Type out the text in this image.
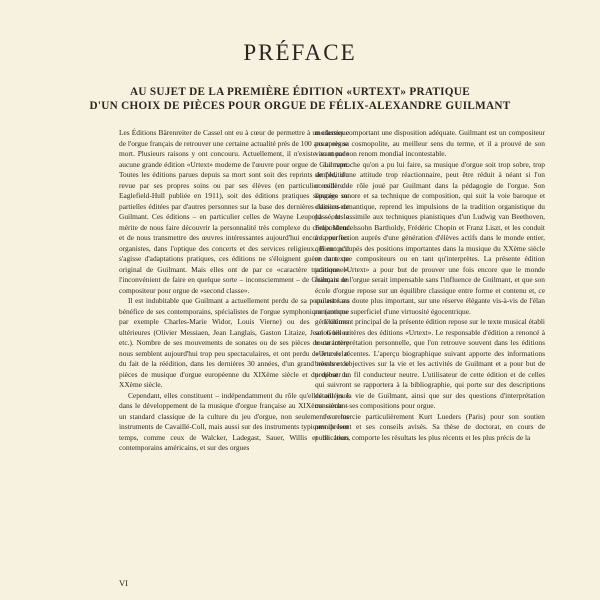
PRÉFACE
AU SUJET DE LA PREMIÈRE ÉDITION «URTEXT» PRATIQUE
D'UN CHOIX DE PIÈCES POUR ORGUE DE FÉLIX-ALEXANDRE GUILMANT

Les Éditions Bärenreiter de Cassel ont eu à cœur de permettre à un classique de l'orgue français de retrouver une certaine actualité près de 100 ans après sa mort. Plusieurs raisons y ont concouru. Actuellement, il n'existe au monde aucune grande édition «Urtext» moderne de l'œuvre pour orgue de Guilmant. Toutes les éditions parues depuis sa mort sont soit des reprints de l'édition revue par ses propres soins ou par ses élèves (en particulier celle de Eaglefield-Hull publiée en 1911), soit des éditions pratiques séparées ou partielles éditées par d'autres personnes sur la base des dernières éditions de Guilmant. Ces éditions – en particulier celles de Wayne Leupold – ont le mérite de nous faire découvrir la personnalité très complexe du compositeur et de nous transmettre des œuvres intéressantes aujourd'hui encore pour les organistes, dans l'optique des concerts et des services religieux. Bien qu'il s'agisse d'adaptations pratiques, ces éditions ne s'éloignent guère du texte original de Guilmant. Mais elles ont de par ce «caractère traditionnel» l'inconvénient de faire en quelque sorte – inconsciemment – de Guilmant un compositeur pour orgue de «second classe».

Il est indubitable que Guilmant a actuellement perdu de sa popularité au bénéfice de ses contemporains, spécialistes de l'orgue symphonique (comme par exemple Charles-Marie Widor, Louis Vierne) ou des générations ultérieures (Olivier Messiaen, Jean Langlais, Gaston Litaize, Jean Guillou etc.). Nombre de ses mouvements de sonates ou de ses pièces de caractère nous semblent aujourd'hui trop peu spectaculaires, et ont perdu de leur éclat du fait de la réédition, dans les dernières 30 années, d'un grand nombre de pièces de musique d'orgue européenne du XIXème siècle et du début du XXème siècle.

Cependant, elles constituent – indépendamment du rôle qu'elles ont joué dans le développement de la musique d'orgue française au XIXème siècle – un standard classique de la culture du jeu d'orgue, non seulement sur les instruments de Cavaillé-Coll, mais aussi sur des instruments typiques de leur temps, comme ceux de Walcker, Ladegast, Sauer, Willis et de leurs contemporains américains, et sur des orgues

modernes comportant une disposition adéquate. Guilmant est un compositeur pour orgue cosmopolite, au meilleur sens du terme, et il a prouvé de son vivant par son renom mondial incontestable.

Le reproche qu'on a pu lui faire, sa musique d'orgue soit trop sobre, trop simple, d'une attitude trop réactionnaire, peut être réduit à néant si l'on considère le rôle joué par Guilmant dans la pédagogie de l'orgue. Son langage sonore et sa technique de composition, qui suit la voie baroque et classico-romantique, reprend les impulsions de la tradition organistique du passé, les assimile aux techniques pianistiques d'un Ludwig van Beethoven, Felix Mendelssohn Bartholdy, Frédéric Chopin et Franz Liszt, et les conduit à la perfection auprès d'une génération d'élèves actifs dans le monde entier, qui ont occupés des positions importantes dans la musique du XXème siècle en tant que compositeurs ou en tant qu'interprètes. La présente édition pratique «Urtext» a pour but de prouver une fois encore que le monde français de l'orgue serait impensable sans l'influence de Guilmant, et que son école d'orgue repose sur un équilibre classique entre forme et contenu et, ce qui est sans doute plus important, sur une réserve élégante vis-à-vis de l'élan romantique superficiel d'une virtuosité égocentrique.

L'élément principal de la présente édition repose sur le texte musical établi selon les critères des éditions «Urtext». Le responsable d'édition a renoncé à toute interprétation personnelle, que l'on retrouve souvent dans les éditions «Urtext» récentes. L'aperçu biographique suivant apporte des informations brèves et objectives sur la vie et les activités de Guilmant et a pour but de proposer un fil conducteur neutre. L'utilisateur de cette édition et de celles qui suivront se rapportera à la bibliographie, qui porte sur des descriptions détaillées la vie de Guilmant, ainsi que sur des questions d'interprétation concernant ses compositions pour orgue.

Je remercie particulièrement Kurt Lueders (Paris) pour son soutien omniprésent et ses conseils avisés. Sa thèse de doctorat, en cours de publication, comporte les résultats les plus récents et les plus précis de la

VI
